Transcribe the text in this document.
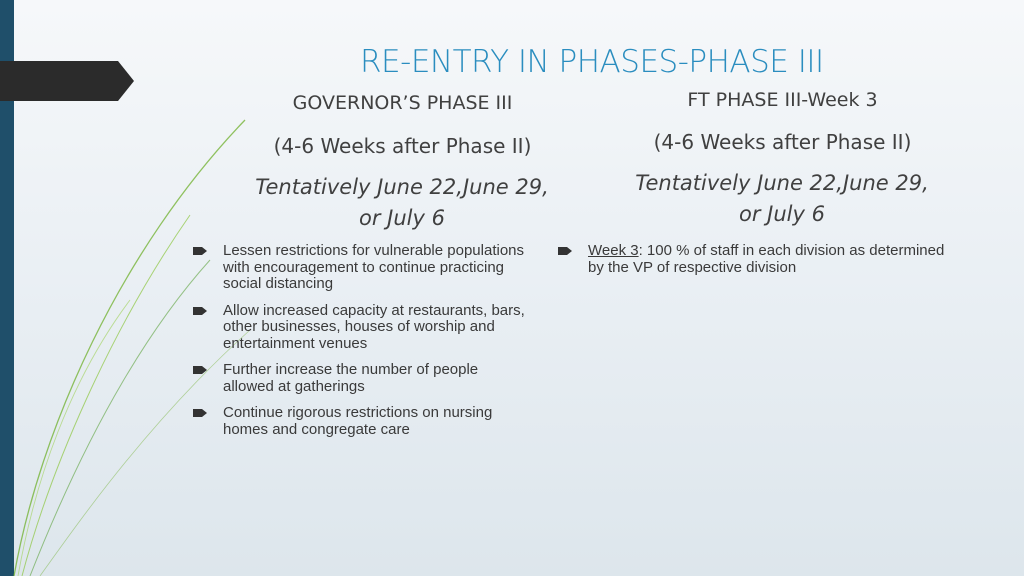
RE-ENTRY IN PHASES-PHASE III
GOVERNOR’S PHASE III
(4-6 Weeks after Phase II)
Tentatively June 22,June 29,
or July 6
FT PHASE III-Week 3
(4-6 Weeks after Phase II)
Tentatively June 22,June 29,
or July 6
Lessen restrictions for vulnerable populations with encouragement to continue practicing social distancing
Allow increased capacity at restaurants, bars, other businesses, houses of worship and entertainment venues
Further increase the number of people allowed at gatherings
Continue rigorous restrictions on nursing homes and congregate care
Week 3: 100 % of staff in each division as determined by the VP of respective division
